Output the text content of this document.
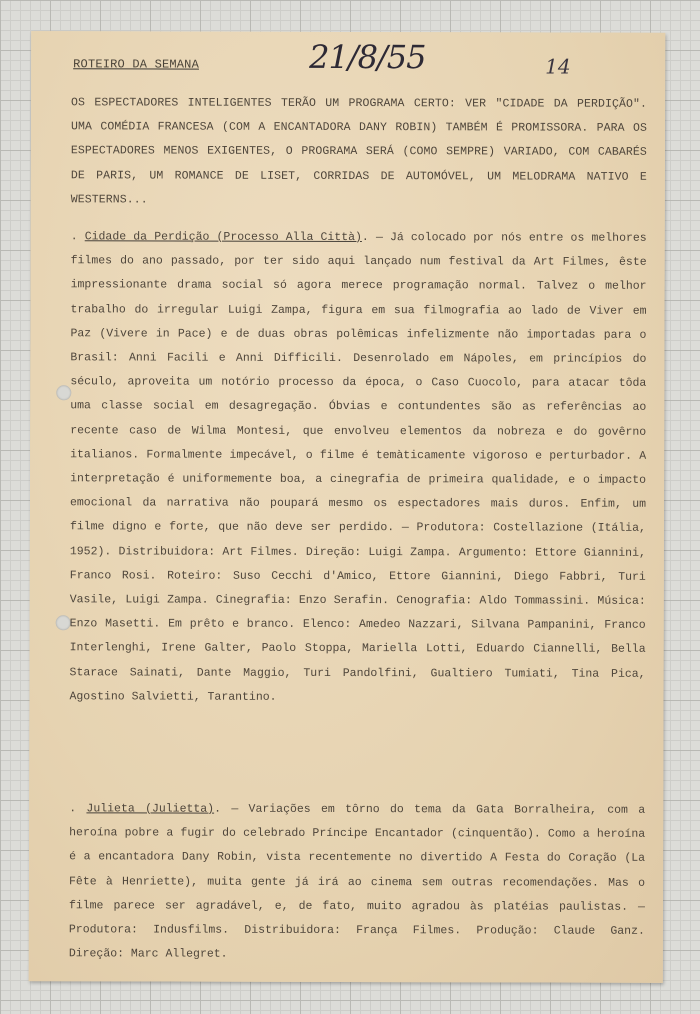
ROTEIRO DA SEMANA	21/8/55	14

OS ESPECTADORES INTELIGENTES TERÃO UM PROGRAMA CERTO: VER "CIDADE DA PERDIÇÃO". UMA COMÉDIA FRANCESA (COM A ENCANTADORA DANY ROBIN) TAMBÉM É PROMISSORA. PARA OS ESPECTADORES MENOS EXIGENTES, O PROGRAMA SERÁ (COMO SEMPRE) VARIADO, COM CABARÉS DE PARIS, UM ROMANCE DE LISET, CORRIDAS DE AUTOMÓVEL, UM MELODRAMA NATIVO E WESTERNS...

. Cidade da Perdição (Processo Alla Città). — Já colocado por nós entre os melhores filmes do ano passado, por ter sido aqui lançado num festival da Art Filmes, êste impressionante drama social só agora merece programação normal. Talvez o melhor trabalho do irregular Luigi Zampa, figura em sua filmografia ao lado de Viver em Paz (Vivere in Pace) e de duas obras polêmicas infelizmente não importadas para o Brasil: Anni Facili e Anni Difficili. Desenrolado em Nápoles, em princípios do século, aproveita um notório processo da época, o Caso Cuocolo, para atacar tôda uma classe social em desagregação. Óbvias e contundentes são as referências ao recente caso de Wilma Montesi, que envolveu elementos da nobreza e do govêrno italianos. Formalmente impecável, o filme é temàticamente vigoroso e perturbador. A interpretação é uniformemente boa, a cinegrafia de primeira qualidade, e o impacto emocional da narrativa não poupará mesmo os espectadores mais duros. Enfim, um filme digno e forte, que não deve ser perdido. — Produtora: Costellazione (Itália, 1952). Distribuidora: Art Filmes. Direção: Luigi Zampa. Argumento: Ettore Giannini, Franco Rosi. Roteiro: Suso Cecchi d'Amico, Ettore Giannini, Diego Fabbri, Turi Vasile, Luigi Zampa. Cinegrafia: Enzo Serafin. Cenografia: Aldo Tommassini. Música: Enzo Masetti. Em prêto e branco. Elenco: Amedeo Nazzari, Silvana Pampanini, Franco Interlenghi, Irene Galter, Paolo Stoppa, Mariella Lotti, Eduardo Ciannelli, Bella Starace Sainati, Dante Maggio, Turi Pandolfini, Gualtiero Tumiati, Tina Pica, Agostino Salvietti, Tarantino.

. Julieta (Julietta). — Variações em tôrno do tema da Gata Borralheira, com a heroína pobre a fugir do celebrado Príncipe Encantador (cinquentão). Como a heroína é a encantadora Dany Robin, vista recentemente no divertido A Festa do Coração (La Fête à Henriette), muita gente já irá ao cinema sem outras recomendações. Mas o filme parece ser agradável, e, de fato, muito agradou às platéias paulistas. — Produtora: Indusfilms. Distribuidora: França Filmes. Produção: Claude Ganz. Direção: Marc Allegret.
